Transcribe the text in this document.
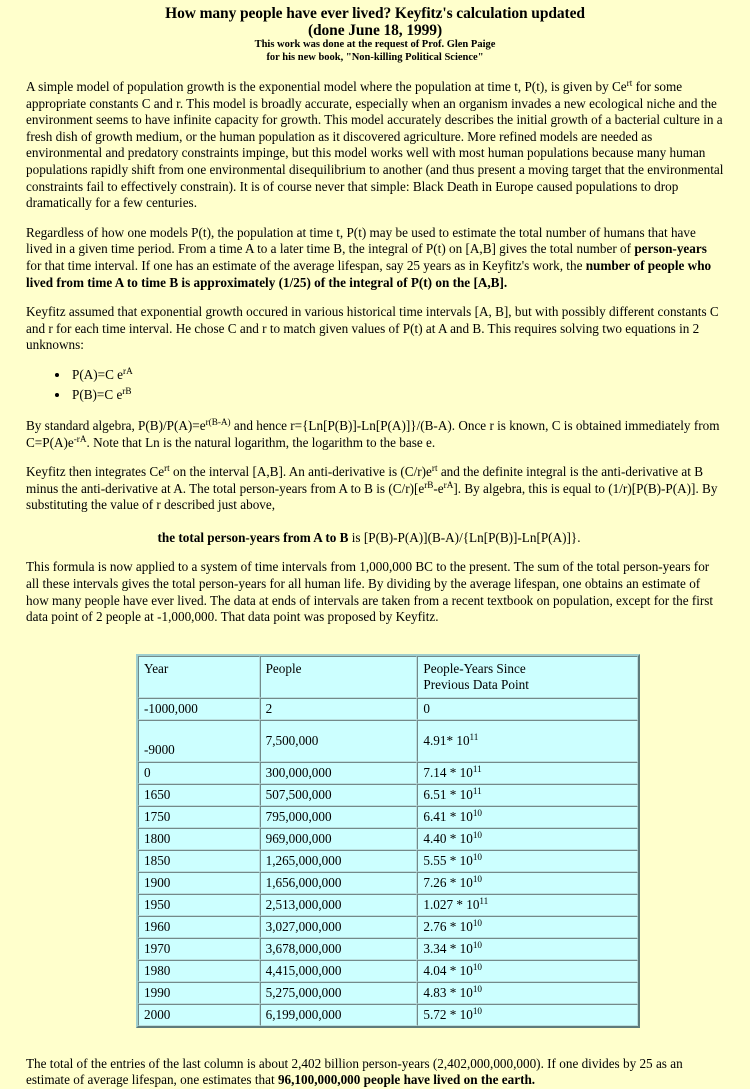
How many people have ever lived? Keyfitz's calculation updated
(done June 18, 1999)
This work was done at the request of Prof. Glen Paige
for his new book, "Non-killing Political Science"

A simple model of population growth is the exponential model where the population at time t, P(t), is given by $Ce^{rt}$ for some appropriate constants C and r. This model is broadly accurate, especially when an organism invades a new ecological niche and the environment seems to have infinite capacity for growth. This model accurately describes the initial growth of a bacterial culture in a fresh dish of growth medium, or the human population as it discovered agriculture. More refined models are needed as environmental and predatory constraints impinge, but this model works well with most human populations because many human populations rapidly shift from one environmental disequilibrium to another (and thus present a moving target that the environmental constraints fail to effectively constrain). It is of course never that simple: Black Death in Europe caused populations to drop dramatically for a few centuries.

Regardless of how one models P(t), the population at time t, P(t) may be used to estimate the total number of humans that have lived in a given time period. From a time A to a later time B, the integral of P(t) on [A,B] gives the total number of person-years for that time interval. If one has an estimate of the average lifespan, say 25 years as in Keyfitz's work, the number of people who lived from time A to time B is approximately (1/25) of the integral of P(t) on the [A,B].

Keyfitz assumed that exponential growth occured in various historical time intervals [A, B], but with possibly different constants C and r for each time interval. He chose C and r to match given values of P(t) at A and B. This requires solving two equations in 2 unknowns:

• P(A)=C $e^{rA}$
• P(B)=C $e^{rB}$

By standard algebra, $P(B)/P(A)=e^{r(B-A)}$ and hence r={Ln[P(B)]-Ln[P(A)]}/(B-A). Once r is known, C is obtained immediately from $C=P(A)e^{-rA}$. Note that Ln is the natural logarithm, the logarithm to the base e.

Keyfitz then integrates $Ce^{rt}$ on the interval [A,B]. An anti-derivative is $(C/r)e^{rt}$ and the definite integral is the anti-derivative at B minus the anti-derivative at A. The total person-years from A to B is $(C/r)[e^{rB}-e^{rA}]$. By algebra, this is equal to (1/r)[P(B)-P(A)]. By substituting the value of r described just above,

the total person-years from A to B is [P(B)-P(A)](B-A)/{Ln[P(B)]-Ln[P(A)]}.

This formula is now applied to a system of time intervals from 1,000,000 BC to the present. The sum of the total person-years for all these intervals gives the total person-years for all human life. By dividing by the average lifespan, one obtains an estimate of how many people have ever lived. The data at ends of intervals are taken from a recent textbook on population, except for the first data point of 2 people at -1,000,000. That data point was proposed by Keyfitz.

Year	People	People-Years Since
Previous Data Point
-1000,000	2	0
-9000	7,500,000	4.91* $10^{11}$
0	300,000,000	$7.14 * 10^{11}$
1650	507,500,000	$6.51 * 10^{11}$
1750	795,000,000	$6.41 * 10^{10}$
1800	969,000,000	$4.40 * 10^{10}$
1850	1,265,000,000	$5.55 * 10^{10}$
1900	1,656,000,000	$7.26 * 10^{10}$
1950	2,513,000,000	$1.027 * 10^{11}$
1960	3,027,000,000	$2.76 * 10^{10}$
1970	3,678,000,000	$3.34 * 10^{10}$
1980	4,415,000,000	$4.04 * 10^{10}$
1990	5,275,000,000	$4.83 * 10^{10}$
2000	6,199,000,000	$5.72 * 10^{10}$

The total of the entries of the last column is about 2,402 billion person-years (2,402,000,000,000). If one divides by 25 as an estimate of average lifespan, one estimates that 96,100,000,000 people have lived on the earth.
